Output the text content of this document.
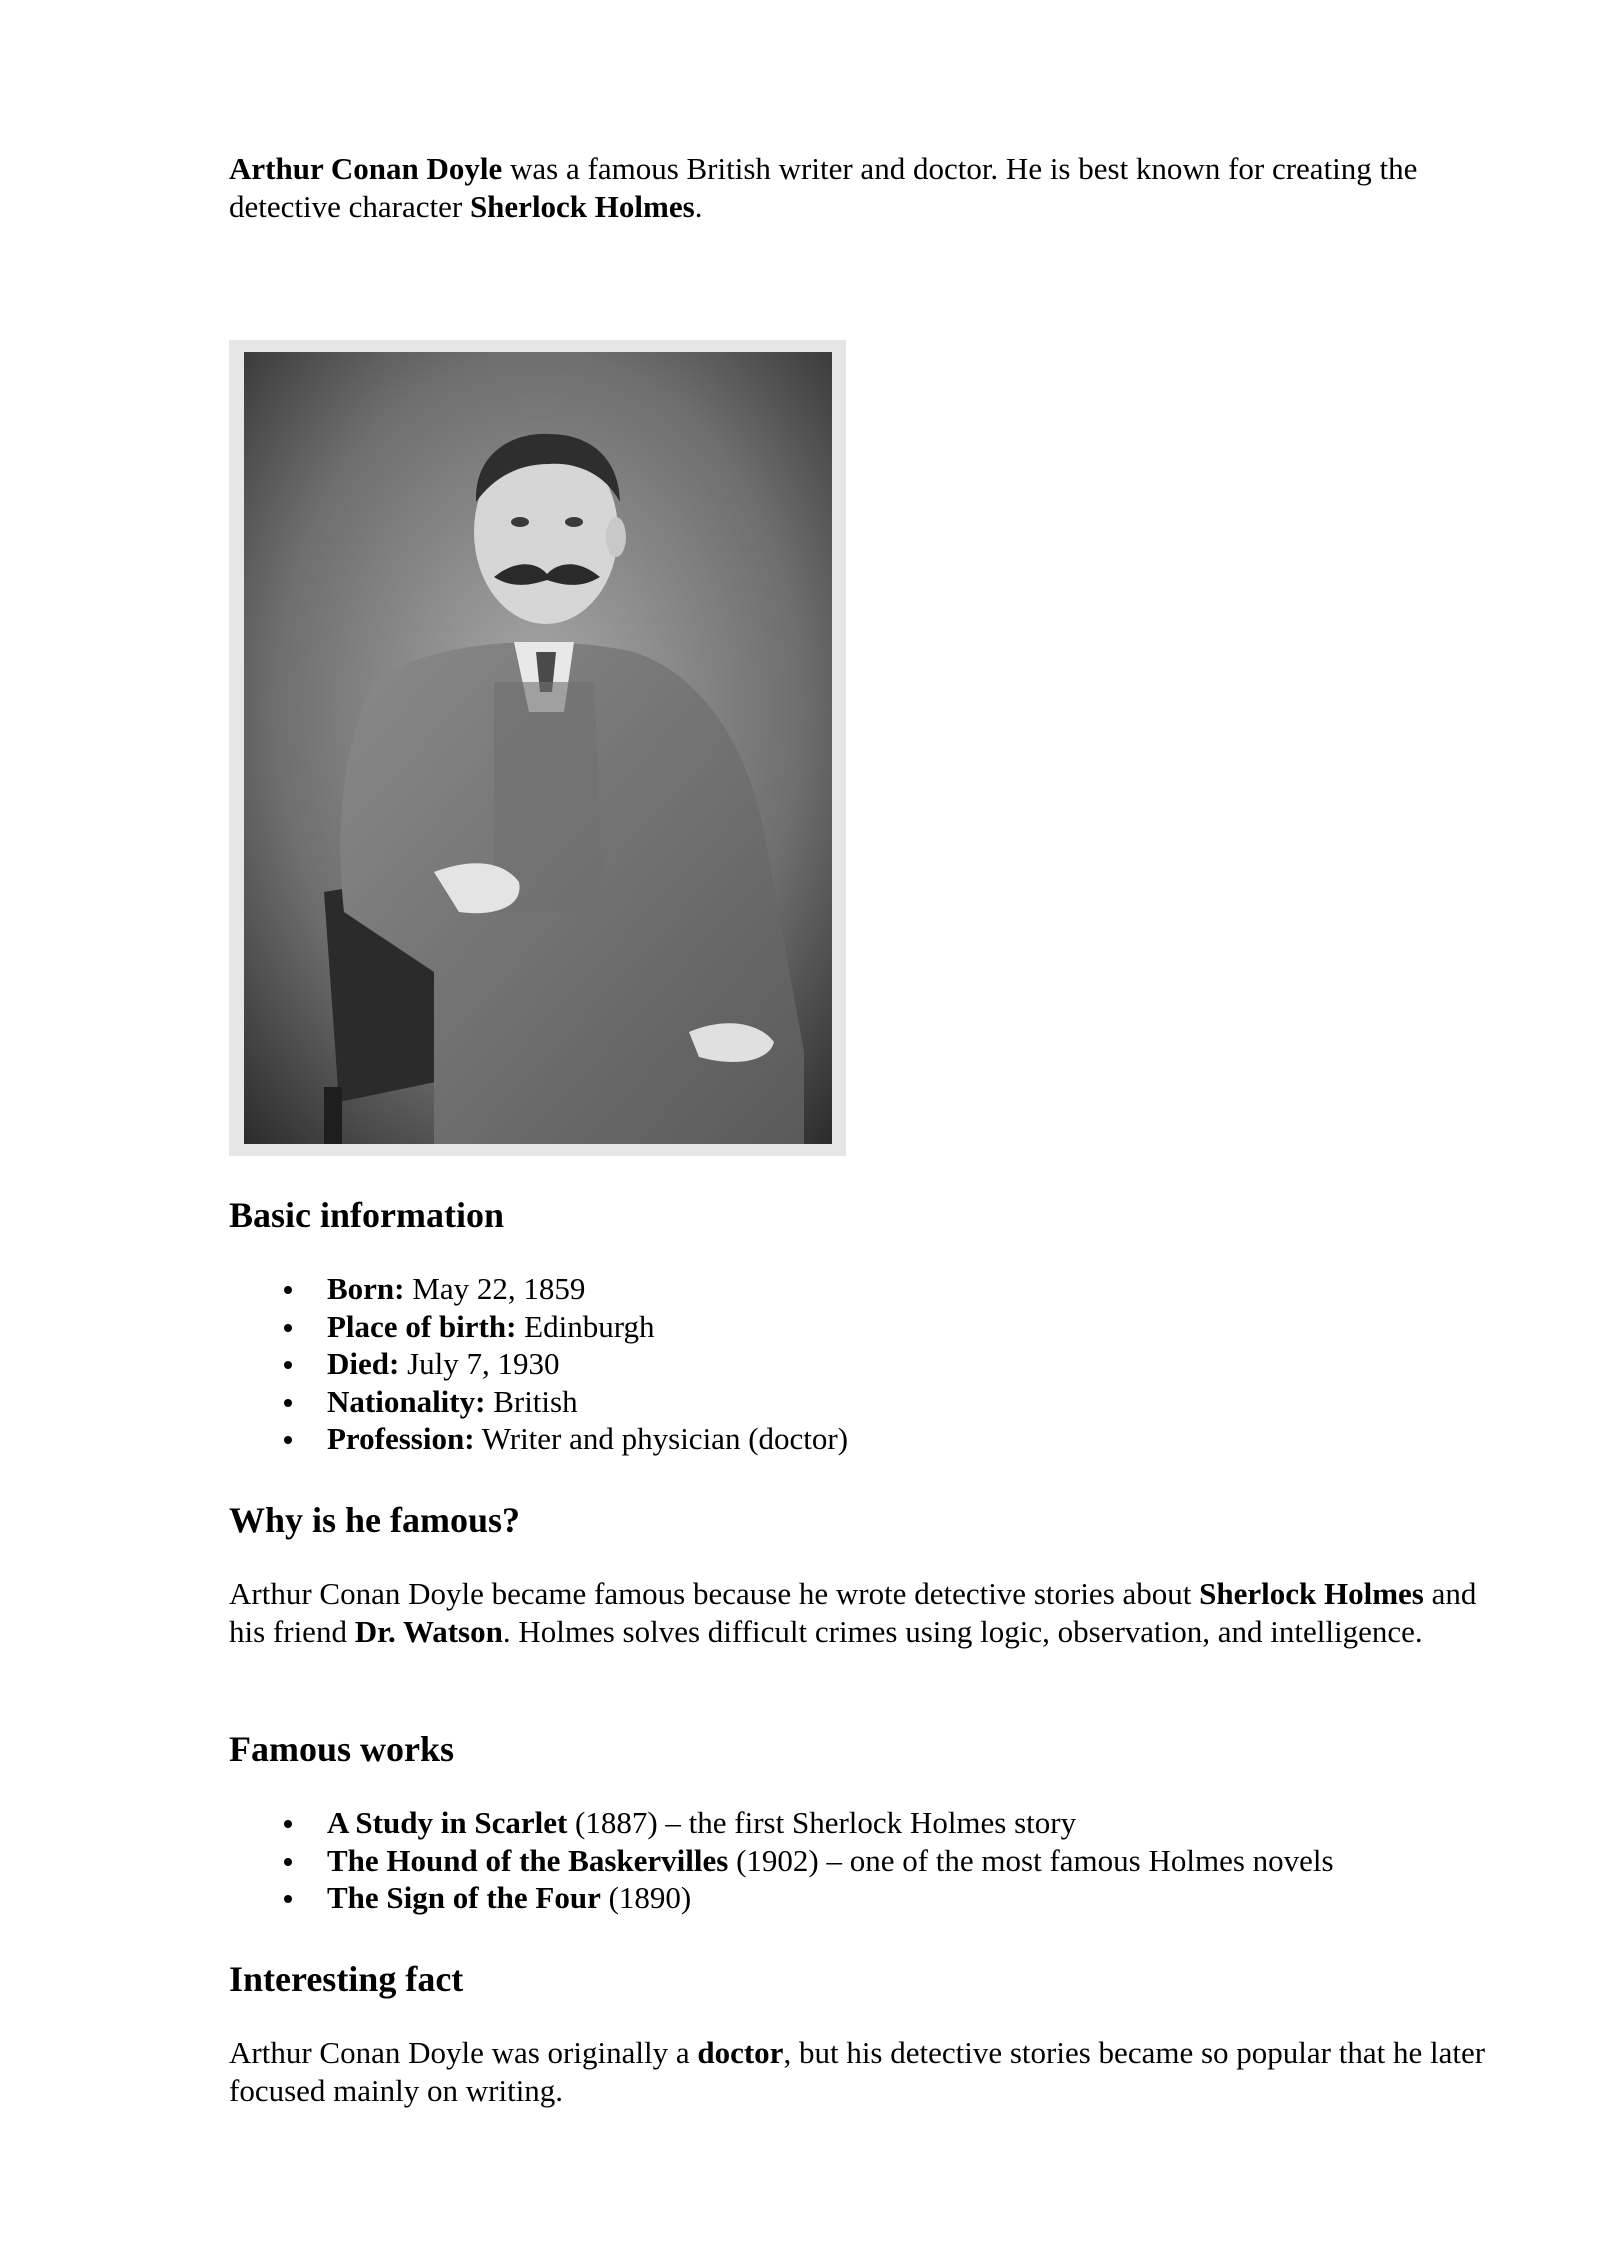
Arthur Conan Doyle was a famous British writer and doctor. He is best known for creating the detective character Sherlock Holmes.

Basic information
Born: May 22, 1859
Place of birth: Edinburgh
Died: July 7, 1930
Nationality: British
Profession: Writer and physician (doctor)
Why is he famous?

Arthur Conan Doyle became famous because he wrote detective stories about Sherlock Holmes and his friend Dr. Watson. Holmes solves difficult crimes using logic, observation, and intelligence.

Famous works
A Study in Scarlet (1887) – the first Sherlock Holmes story
The Hound of the Baskervilles (1902) – one of the most famous Holmes novels
The Sign of the Four (1890)
Interesting fact

Arthur Conan Doyle was originally a doctor, but his detective stories became so popular that he later focused mainly on writing.
